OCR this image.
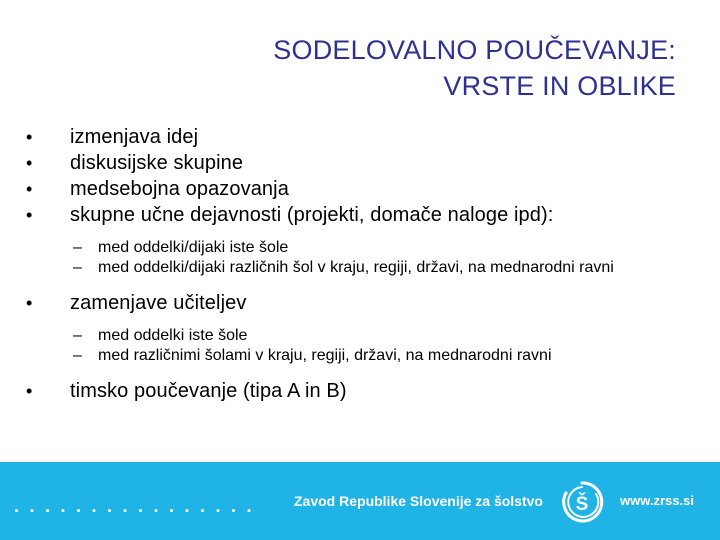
SODELOVALNO POUČEVANJE:
VRSTE IN OBLIKE
•	izmenjava idej
•	diskusijske skupine
•	medsebojna opazovanja
•	skupne učne dejavnosti (projekti, domače naloge ipd):
–	med oddelki/dijaki iste šole
–	med oddelki/dijaki različnih šol v kraju, regiji, državi, na mednarodni ravni
•	zamenjave učiteljev
–	med oddelki iste šole
–	med različnimi šolami v kraju, regiji, državi, na mednarodni ravni
•	timsko poučevanje (tipa A in B)
................ Zavod Republike Slovenije za šolstvo Š www.zrss.si
